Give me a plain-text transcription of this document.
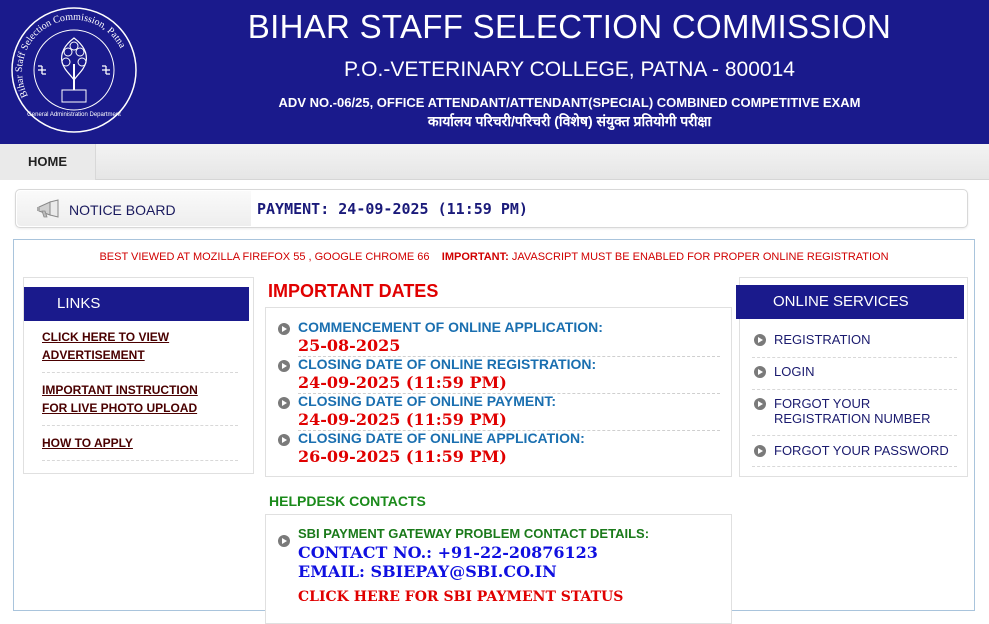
Bihar Staff Selection Commission, Patna
General Administration Department
BIHAR STAFF SELECTION COMMISSION
P.O.-VETERINARY COLLEGE, PATNA - 800014
ADV NO.-06/25, OFFICE ATTENDANT/ATTENDANT(SPECIAL) COMBINED COMPETITIVE EXAM
कार्यालय परिचरी/परिचरी (विशेष) संयुक्त प्रतियोगी परीक्षा
HOME
NOTICE BOARD	PAYMENT: 24-09-2025 (11:59 PM)
BEST VIEWED AT MOZILLA FIREFOX 55 , GOOGLE CHROME 66 IMPORTANT: JAVASCRIPT MUST BE ENABLED FOR PROPER ONLINE REGISTRATION
LINKS
CLICK HERE TO VIEW
ADVERTISEMENT
IMPORTANT INSTRUCTION
FOR LIVE PHOTO UPLOAD
HOW TO APPLY
IMPORTANT DATES
COMMENCEMENT OF ONLINE APPLICATION:
25-08-2025
CLOSING DATE OF ONLINE REGISTRATION:
24-09-2025 (11:59 PM)
CLOSING DATE OF ONLINE PAYMENT:
24-09-2025 (11:59 PM)
CLOSING DATE OF ONLINE APPLICATION:
26-09-2025 (11:59 PM)
HELPDESK CONTACTS
SBI PAYMENT GATEWAY PROBLEM CONTACT DETAILS:
CONTACT NO.: +91-22-20876123
EMAIL: SBIEPAY@SBI.CO.IN
CLICK HERE FOR SBI PAYMENT STATUS
ONLINE SERVICES
REGISTRATION
LOGIN
FORGOT YOUR
REGISTRATION NUMBER
FORGOT YOUR PASSWORD
